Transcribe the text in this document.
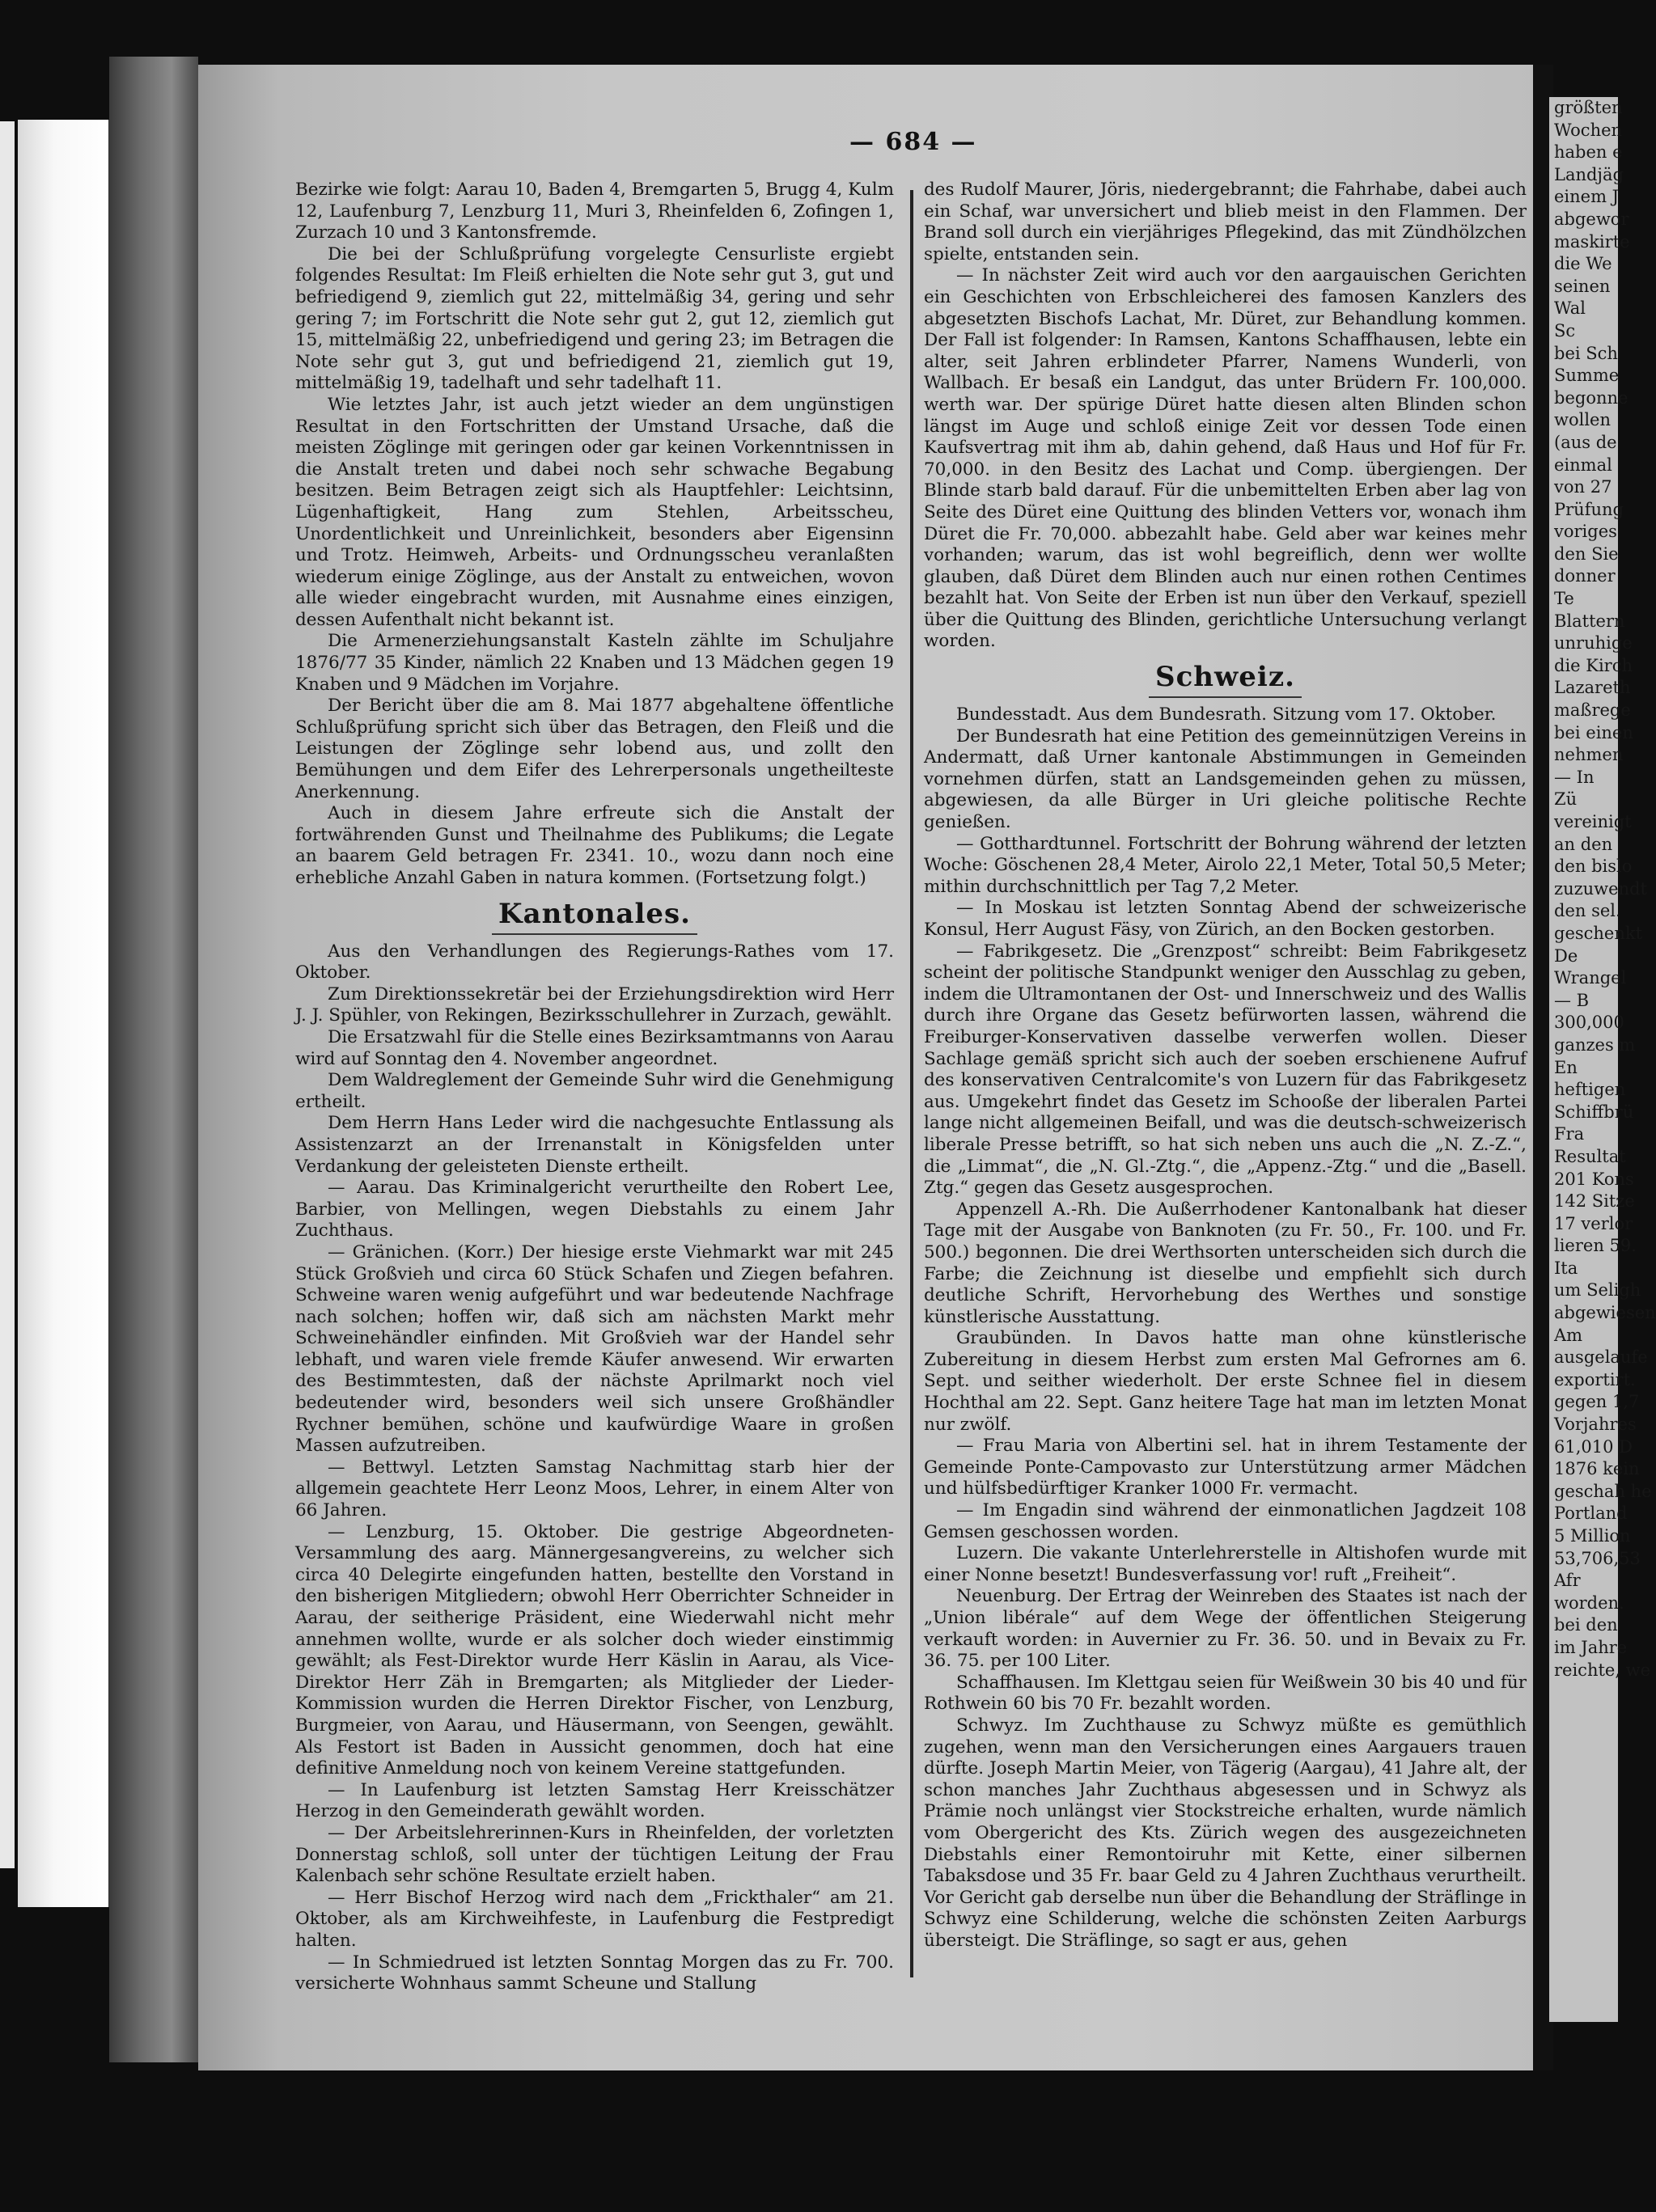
— 684 —

Bezirke wie folgt: Aarau 10, Baden 4, Bremgarten 5, Brugg 4, Kulm 12, Laufenburg 7, Lenzburg 11, Muri 3, Rheinfelden 6, Zofingen 1, Zurzach 10 und 3 Kantonsfremde.

Die bei der Schlußprüfung vorgelegte Censurliste ergiebt folgendes Resultat: Im Fleiß erhielten die Note sehr gut 3, gut und befriedigend 9, ziemlich gut 22, mittelmäßig 34, gering und sehr gering 7; im Fortschritt die Note sehr gut 2, gut 12, ziemlich gut 15, mittelmäßig 22, unbefriedigend und gering 23; im Betragen die Note sehr gut 3, gut und befriedigend 21, ziemlich gut 19, mittelmäßig 19, tadelhaft und sehr tadelhaft 11.

Wie letztes Jahr, ist auch jetzt wieder an dem ungünstigen Resultat in den Fortschritten der Umstand Ursache, daß die meisten Zöglinge mit geringen oder gar keinen Vorkenntnissen in die Anstalt treten und dabei noch sehr schwache Begabung besitzen. Beim Betragen zeigt sich als Hauptfehler: Leichtsinn, Lügenhaftigkeit, Hang zum Stehlen, Arbeitsscheu, Unordentlichkeit und Unreinlichkeit, besonders aber Eigensinn und Trotz. Heimweh, Arbeits- und Ordnungsscheu veranlaßten wiederum einige Zöglinge, aus der Anstalt zu entweichen, wovon alle wieder eingebracht wurden, mit Ausnahme eines einzigen, dessen Aufenthalt nicht bekannt ist.

Die Armenerziehungsanstalt Kasteln zählte im Schuljahre 1876/77 35 Kinder, nämlich 22 Knaben und 13 Mädchen gegen 19 Knaben und 9 Mädchen im Vorjahre.

Der Bericht über die am 8. Mai 1877 abgehaltene öffentliche Schlußprüfung spricht sich über das Betragen, den Fleiß und die Leistungen der Zöglinge sehr lobend aus, und zollt den Bemühungen und dem Eifer des Lehrerpersonals ungetheilteste Anerkennung.

Auch in diesem Jahre erfreute sich die Anstalt der fortwährenden Gunst und Theilnahme des Publikums; die Legate an baarem Geld betragen Fr. 2341. 10., wozu dann noch eine erhebliche Anzahl Gaben in natura kommen. (Fortsetzung folgt.)

Kantonales.

Aus den Verhandlungen des Regierungs-Rathes vom 17. Oktober.

Zum Direktionssekretär bei der Erziehungsdirektion wird Herr J. J. Spühler, von Rekingen, Bezirksschullehrer in Zurzach, gewählt.

Die Ersatzwahl für die Stelle eines Bezirksamtmanns von Aarau wird auf Sonntag den 4. November angeordnet.

Dem Waldreglement der Gemeinde Suhr wird die Genehmigung ertheilt.

Dem Herrn Hans Leder wird die nachgesuchte Entlassung als Assistenzarzt an der Irrenanstalt in Königsfelden unter Verdankung der geleisteten Dienste ertheilt.

— Aarau. Das Kriminalgericht verurtheilte den Robert Lee, Barbier, von Mellingen, wegen Diebstahls zu einem Jahr Zuchthaus.

— Gränichen. (Korr.) Der hiesige erste Viehmarkt war mit 245 Stück Großvieh und circa 60 Stück Schafen und Ziegen befahren. Schweine waren wenig aufgeführt und war bedeutende Nachfrage nach solchen; hoffen wir, daß sich am nächsten Markt mehr Schweinehändler einfinden. Mit Großvieh war der Handel sehr lebhaft, und waren viele fremde Käufer anwesend. Wir erwarten des Bestimmtesten, daß der nächste Aprilmarkt noch viel bedeutender wird, besonders weil sich unsere Großhändler Rychner bemühen, schöne und kaufwürdige Waare in großen Massen aufzutreiben.

— Bettwyl. Letzten Samstag Nachmittag starb hier der allgemein geachtete Herr Leonz Moos, Lehrer, in einem Alter von 66 Jahren.

— Lenzburg, 15. Oktober. Die gestrige Abgeordneten-Versammlung des aarg. Männergesangvereins, zu welcher sich circa 40 Delegirte eingefunden hatten, bestellte den Vorstand in den bisherigen Mitgliedern; obwohl Herr Oberrichter Schneider in Aarau, der seitherige Präsident, eine Wiederwahl nicht mehr annehmen wollte, wurde er als solcher doch wieder einstimmig gewählt; als Fest-Direktor wurde Herr Käslin in Aarau, als Vice-Direktor Herr Zäh in Bremgarten; als Mitglieder der Lieder-Kommission wurden die Herren Direktor Fischer, von Lenzburg, Burgmeier, von Aarau, und Häusermann, von Seengen, gewählt. Als Festort ist Baden in Aussicht genommen, doch hat eine definitive Anmeldung noch von keinem Vereine stattgefunden.

— In Laufenburg ist letzten Samstag Herr Kreisschätzer Herzog in den Gemeinderath gewählt worden.

— Der Arbeitslehrerinnen-Kurs in Rheinfelden, der vorletzten Donnerstag schloß, soll unter der tüchtigen Leitung der Frau Kalenbach sehr schöne Resultate erzielt haben.

— Herr Bischof Herzog wird nach dem „Frickthaler“ am 21. Oktober, als am Kirchweihfeste, in Laufenburg die Festpredigt halten.

— In Schmiedrued ist letzten Sonntag Morgen das zu Fr. 700. versicherte Wohnhaus sammt Scheune und Stallung

des Rudolf Maurer, Jöris, niedergebrannt; die Fahrhabe, dabei auch ein Schaf, war unversichert und blieb meist in den Flammen. Der Brand soll durch ein vierjähriges Pflegekind, das mit Zündhölzchen spielte, entstanden sein.

— In nächster Zeit wird auch vor den aargauischen Gerichten ein Geschichten von Erbschleicherei des famosen Kanzlers des abgesetzten Bischofs Lachat, Mr. Düret, zur Behandlung kommen. Der Fall ist folgender: In Ramsen, Kantons Schaffhausen, lebte ein alter, seit Jahren erblindeter Pfarrer, Namens Wunderli, von Wallbach. Er besaß ein Landgut, das unter Brüdern Fr. 100,000. werth war. Der spürige Düret hatte diesen alten Blinden schon längst im Auge und schloß einige Zeit vor dessen Tode einen Kaufsvertrag mit ihm ab, dahin gehend, daß Haus und Hof für Fr. 70,000. in den Besitz des Lachat und Comp. übergiengen. Der Blinde starb bald darauf. Für die unbemittelten Erben aber lag von Seite des Düret eine Quittung des blinden Vetters vor, wonach ihm Düret die Fr. 70,000. abbezahlt habe. Geld aber war keines mehr vorhanden; warum, das ist wohl begreiflich, denn wer wollte glauben, daß Düret dem Blinden auch nur einen rothen Centimes bezahlt hat. Von Seite der Erben ist nun über den Verkauf, speziell über die Quittung des Blinden, gerichtliche Untersuchung verlangt worden.

Schweiz.

Bundesstadt. Aus dem Bundesrath. Sitzung vom 17. Oktober.

Der Bundesrath hat eine Petition des gemeinnützigen Vereins in Andermatt, daß Urner kantonale Abstimmungen in Gemeinden vornehmen dürfen, statt an Landsgemeinden gehen zu müssen, abgewiesen, da alle Bürger in Uri gleiche politische Rechte genießen.

— Gotthardtunnel. Fortschritt der Bohrung während der letzten Woche: Göschenen 28,4 Meter, Airolo 22,1 Meter, Total 50,5 Meter; mithin durchschnittlich per Tag 7,2 Meter.

— In Moskau ist letzten Sonntag Abend der schweizerische Konsul, Herr August Fäsy, von Zürich, an den Bocken gestorben.

— Fabrikgesetz. Die „Grenzpost“ schreibt: Beim Fabrikgesetz scheint der politische Standpunkt weniger den Ausschlag zu geben, indem die Ultramontanen der Ost- und Innerschweiz und des Wallis durch ihre Organe das Gesetz befürworten lassen, während die Freiburger-Konservativen dasselbe verwerfen wollen. Dieser Sachlage gemäß spricht sich auch der soeben erschienene Aufruf des konservativen Centralcomite's von Luzern für das Fabrikgesetz aus. Umgekehrt findet das Gesetz im Schooße der liberalen Partei lange nicht allgemeinen Beifall, und was die deutsch-schweizerisch liberale Presse betrifft, so hat sich neben uns auch die „N. Z.-Z.“, die „Limmat“, die „N. Gl.-Ztg.“, die „Appenz.-Ztg.“ und die „Basell. Ztg.“ gegen das Gesetz ausgesprochen.

Appenzell A.-Rh. Die Außerrhodener Kantonalbank hat dieser Tage mit der Ausgabe von Banknoten (zu Fr. 50., Fr. 100. und Fr. 500.) begonnen. Die drei Werthsorten unterscheiden sich durch die Farbe; die Zeichnung ist dieselbe und empfiehlt sich durch deutliche Schrift, Hervorhebung des Werthes und sonstige künstlerische Ausstattung.

Graubünden. In Davos hatte man ohne künstlerische Zubereitung in diesem Herbst zum ersten Mal Gefrornes am 6. Sept. und seither wiederholt. Der erste Schnee fiel in diesem Hochthal am 22. Sept. Ganz heitere Tage hat man im letzten Monat nur zwölf.

— Frau Maria von Albertini sel. hat in ihrem Testamente der Gemeinde Ponte-Campovasto zur Unterstützung armer Mädchen und hülfsbedürftiger Kranker 1000 Fr. vermacht.

— Im Engadin sind während der einmonatlichen Jagdzeit 108 Gemsen geschossen worden.

Luzern. Die vakante Unterlehrerstelle in Altishofen wurde mit einer Nonne besetzt! Bundesverfassung vor! ruft „Freiheit“.

Neuenburg. Der Ertrag der Weinreben des Staates ist nach der „Union libérale“ auf dem Wege der öffentlichen Steigerung verkauft worden: in Auvernier zu Fr. 36. 50. und in Bevaix zu Fr. 36. 75. per 100 Liter.

Schaffhausen. Im Klettgau seien für Weißwein 30 bis 40 und für Rothwein 60 bis 70 Fr. bezahlt worden.

Schwyz. Im Zuchthause zu Schwyz müßte es gemüthlich zugehen, wenn man den Versicherungen eines Aargauers trauen dürfte. Joseph Martin Meier, von Tägerig (Aargau), 41 Jahre alt, der schon manches Jahr Zuchthaus abgesessen und in Schwyz als Prämie noch unlängst vier Stockstreiche erhalten, wurde nämlich vom Obergericht des Kts. Zürich wegen des ausgezeichneten Diebstahls einer Remontoiruhr mit Kette, einer silbernen Tabaksdose und 35 Fr. baar Geld zu 4 Jahren Zuchthaus verurtheilt. Vor Gericht gab derselbe nun über die Behandlung der Sträflinge in Schwyz eine Schilderung, welche die schönsten Zeiten Aarburgs übersteigt. Die Sträflinge, so sagt er aus, gehen

größten
Wochen
haben e
Landjäg
einem J
abgewor
maskirte
die We
seinen
Wal
Sc
bei Sch
Summe
begonne
wollen
(aus de
einmal
von 27
Prüfung
voriges
den Sie
donner
Te
Blattern
unruhige
die Kirch
Lazareth
maßrege
bei einen
nehmen
— In
Zü
vereinigt
an den
den bislo
zuzuwendt
den sel.
geschenkt
De
Wrangel
— B
300,000
ganzes m
En
heftigen
Schiffbrü
Fra
Resultat
201 Kons
142 Sitze
17 verlor
lieren 59.
Ita
um Seligh
abgewiesen
Am
ausgelaufe
exportirt.
gegen 1,7
Vorjahres
61,010 D
1876 kein
geschah he
Portland
5 Million
53,706,53
Afr
worden.
bei den
im Jahre
reichte, we
